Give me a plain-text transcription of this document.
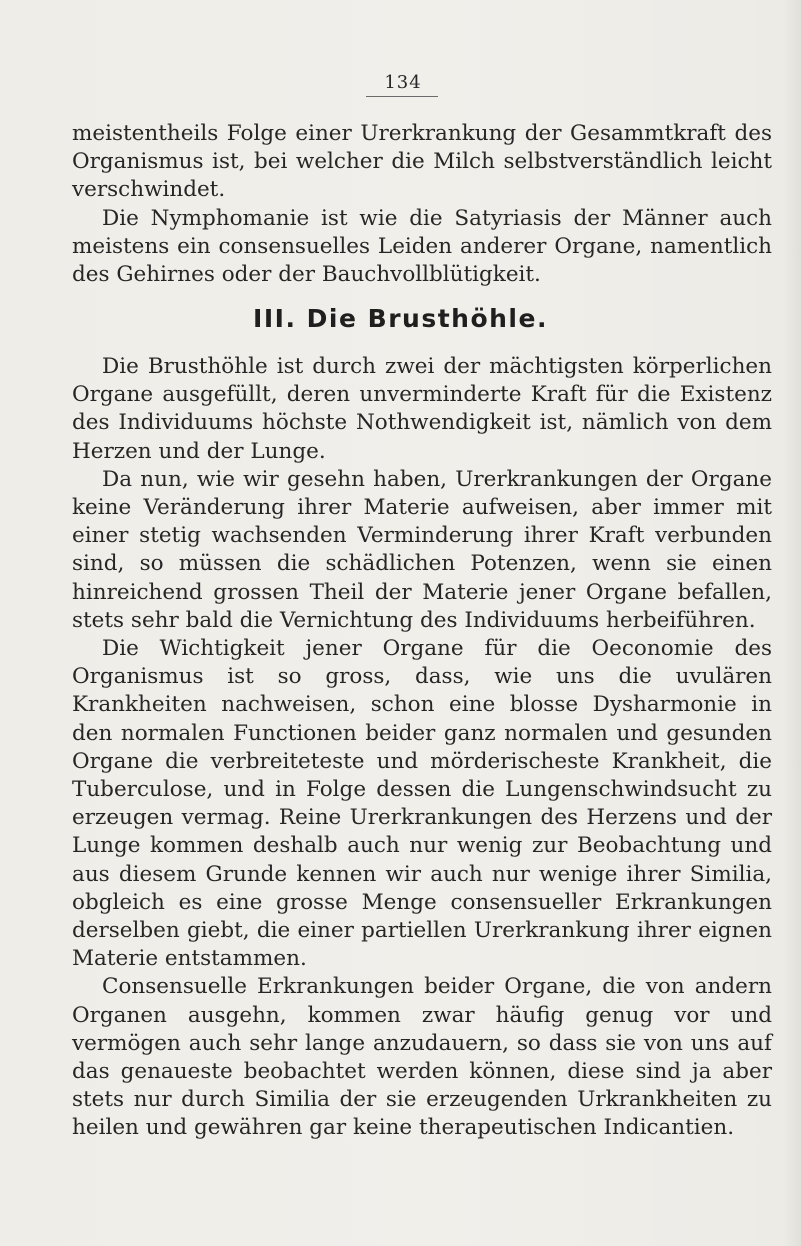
134

meistentheils Folge einer Urerkrankung der Gesammtkraft des Organismus ist, bei welcher die Milch selbstverständlich leicht verschwindet.

Die Nymphomanie ist wie die Satyriasis der Männer auch meistens ein consensuelles Leiden anderer Organe, namentlich des Gehirnes oder der Bauchvollblütigkeit.

III. Die Brusthöhle.

Die Brusthöhle ist durch zwei der mächtigsten körperlichen Organe ausgefüllt, deren unverminderte Kraft für die Existenz des Individuums höchste Nothwendigkeit ist, nämlich von dem Herzen und der Lunge.

Da nun, wie wir gesehn haben, Urerkrankungen der Organe keine Veränderung ihrer Materie aufweisen, aber immer mit einer stetig wachsenden Verminderung ihrer Kraft verbunden sind, so müssen die schädlichen Potenzen, wenn sie einen hinreichend grossen Theil der Materie jener Organe befallen, stets sehr bald die Vernichtung des Individuums herbeiführen.

Die Wichtigkeit jener Organe für die Oeconomie des Organismus ist so gross, dass, wie uns die uvulären Krankheiten nachweisen, schon eine blosse Dysharmonie in den normalen Functionen beider ganz normalen und gesunden Organe die verbreiteteste und mörderischeste Krankheit, die Tuberculose, und in Folge dessen die Lungenschwindsucht zu erzeugen vermag. Reine Urerkrankungen des Herzens und der Lunge kommen deshalb auch nur wenig zur Beobachtung und aus diesem Grunde kennen wir auch nur wenige ihrer Similia, obgleich es eine grosse Menge consensueller Erkrankungen derselben giebt, die einer partiellen Urerkrankung ihrer eignen Materie entstammen.

Consensuelle Erkrankungen beider Organe, die von andern Organen ausgehn, kommen zwar häufig genug vor und vermögen auch sehr lange anzudauern, so dass sie von uns auf das genaueste beobachtet werden können, diese sind ja aber stets nur durch Similia der sie erzeugenden Urkrankheiten zu heilen und gewähren gar keine therapeutischen Indicantien.
